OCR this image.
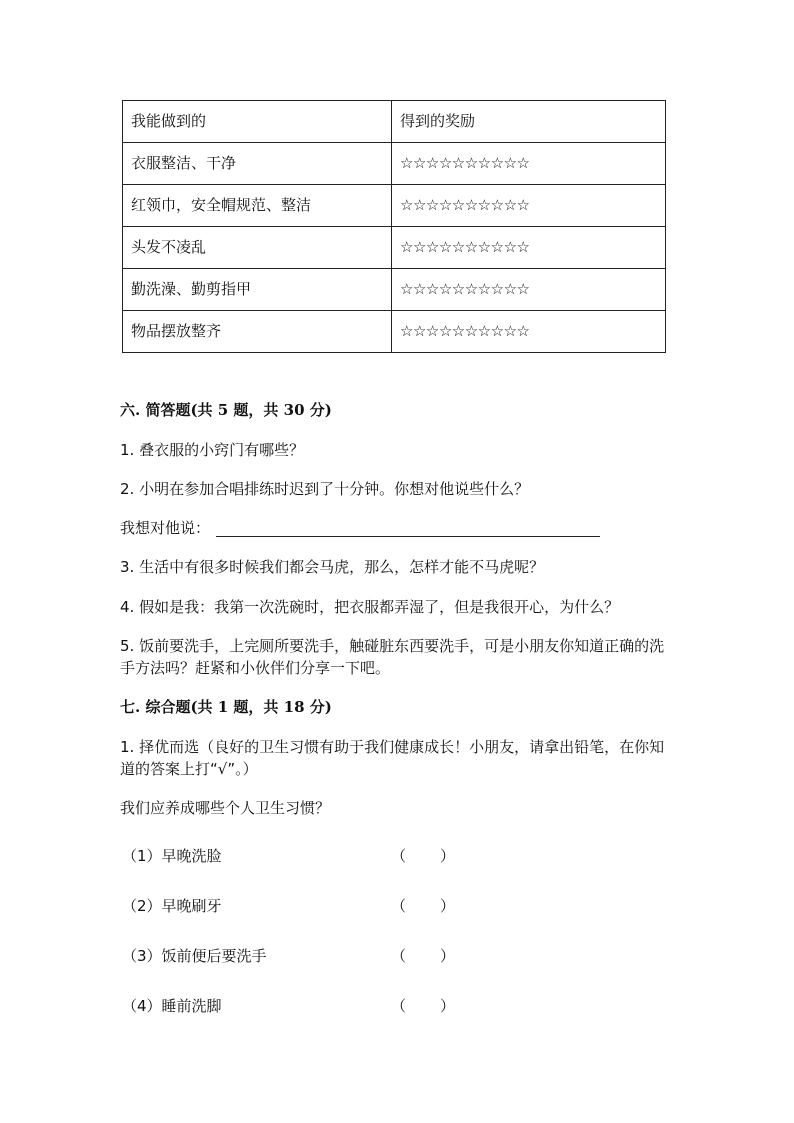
我能做到的	得到的奖励
衣服整洁、干净	☆☆☆☆☆☆☆☆☆☆
红领巾，安全帽规范、整洁	☆☆☆☆☆☆☆☆☆☆
头发不凌乱	☆☆☆☆☆☆☆☆☆☆
勤洗澡、勤剪指甲	☆☆☆☆☆☆☆☆☆☆
物品摆放整齐	☆☆☆☆☆☆☆☆☆☆
六. 简答题(共 5 题，共 30 分)
1. 叠衣服的小窍门有哪些？
2. 小明在参加合唱排练时迟到了十分钟。你想对他说些什么？
我想对他说：
3. 生活中有很多时候我们都会马虎，那么，怎样才能不马虎呢？
4. 假如是我：我第一次洗碗时，把衣服都弄湿了，但是我很开心，为什么？
5. 饭前要洗手，上完厕所要洗手，触碰脏东西要洗手，可是小朋友你知道正确的洗手方法吗？赶紧和小伙伴们分享一下吧。
七. 综合题(共 1 题，共 18 分)
1. 择优而选（良好的卫生习惯有助于我们健康成长！小朋友，请拿出铅笔，在你知道的答案上打“√”。）
我们应养成哪些个人卫生习惯？
（1）早晚洗脸	（ ）
（2）早晚刷牙	（ ）
（3）饭前便后要洗手	（ ）
（4）睡前洗脚	（ ）
